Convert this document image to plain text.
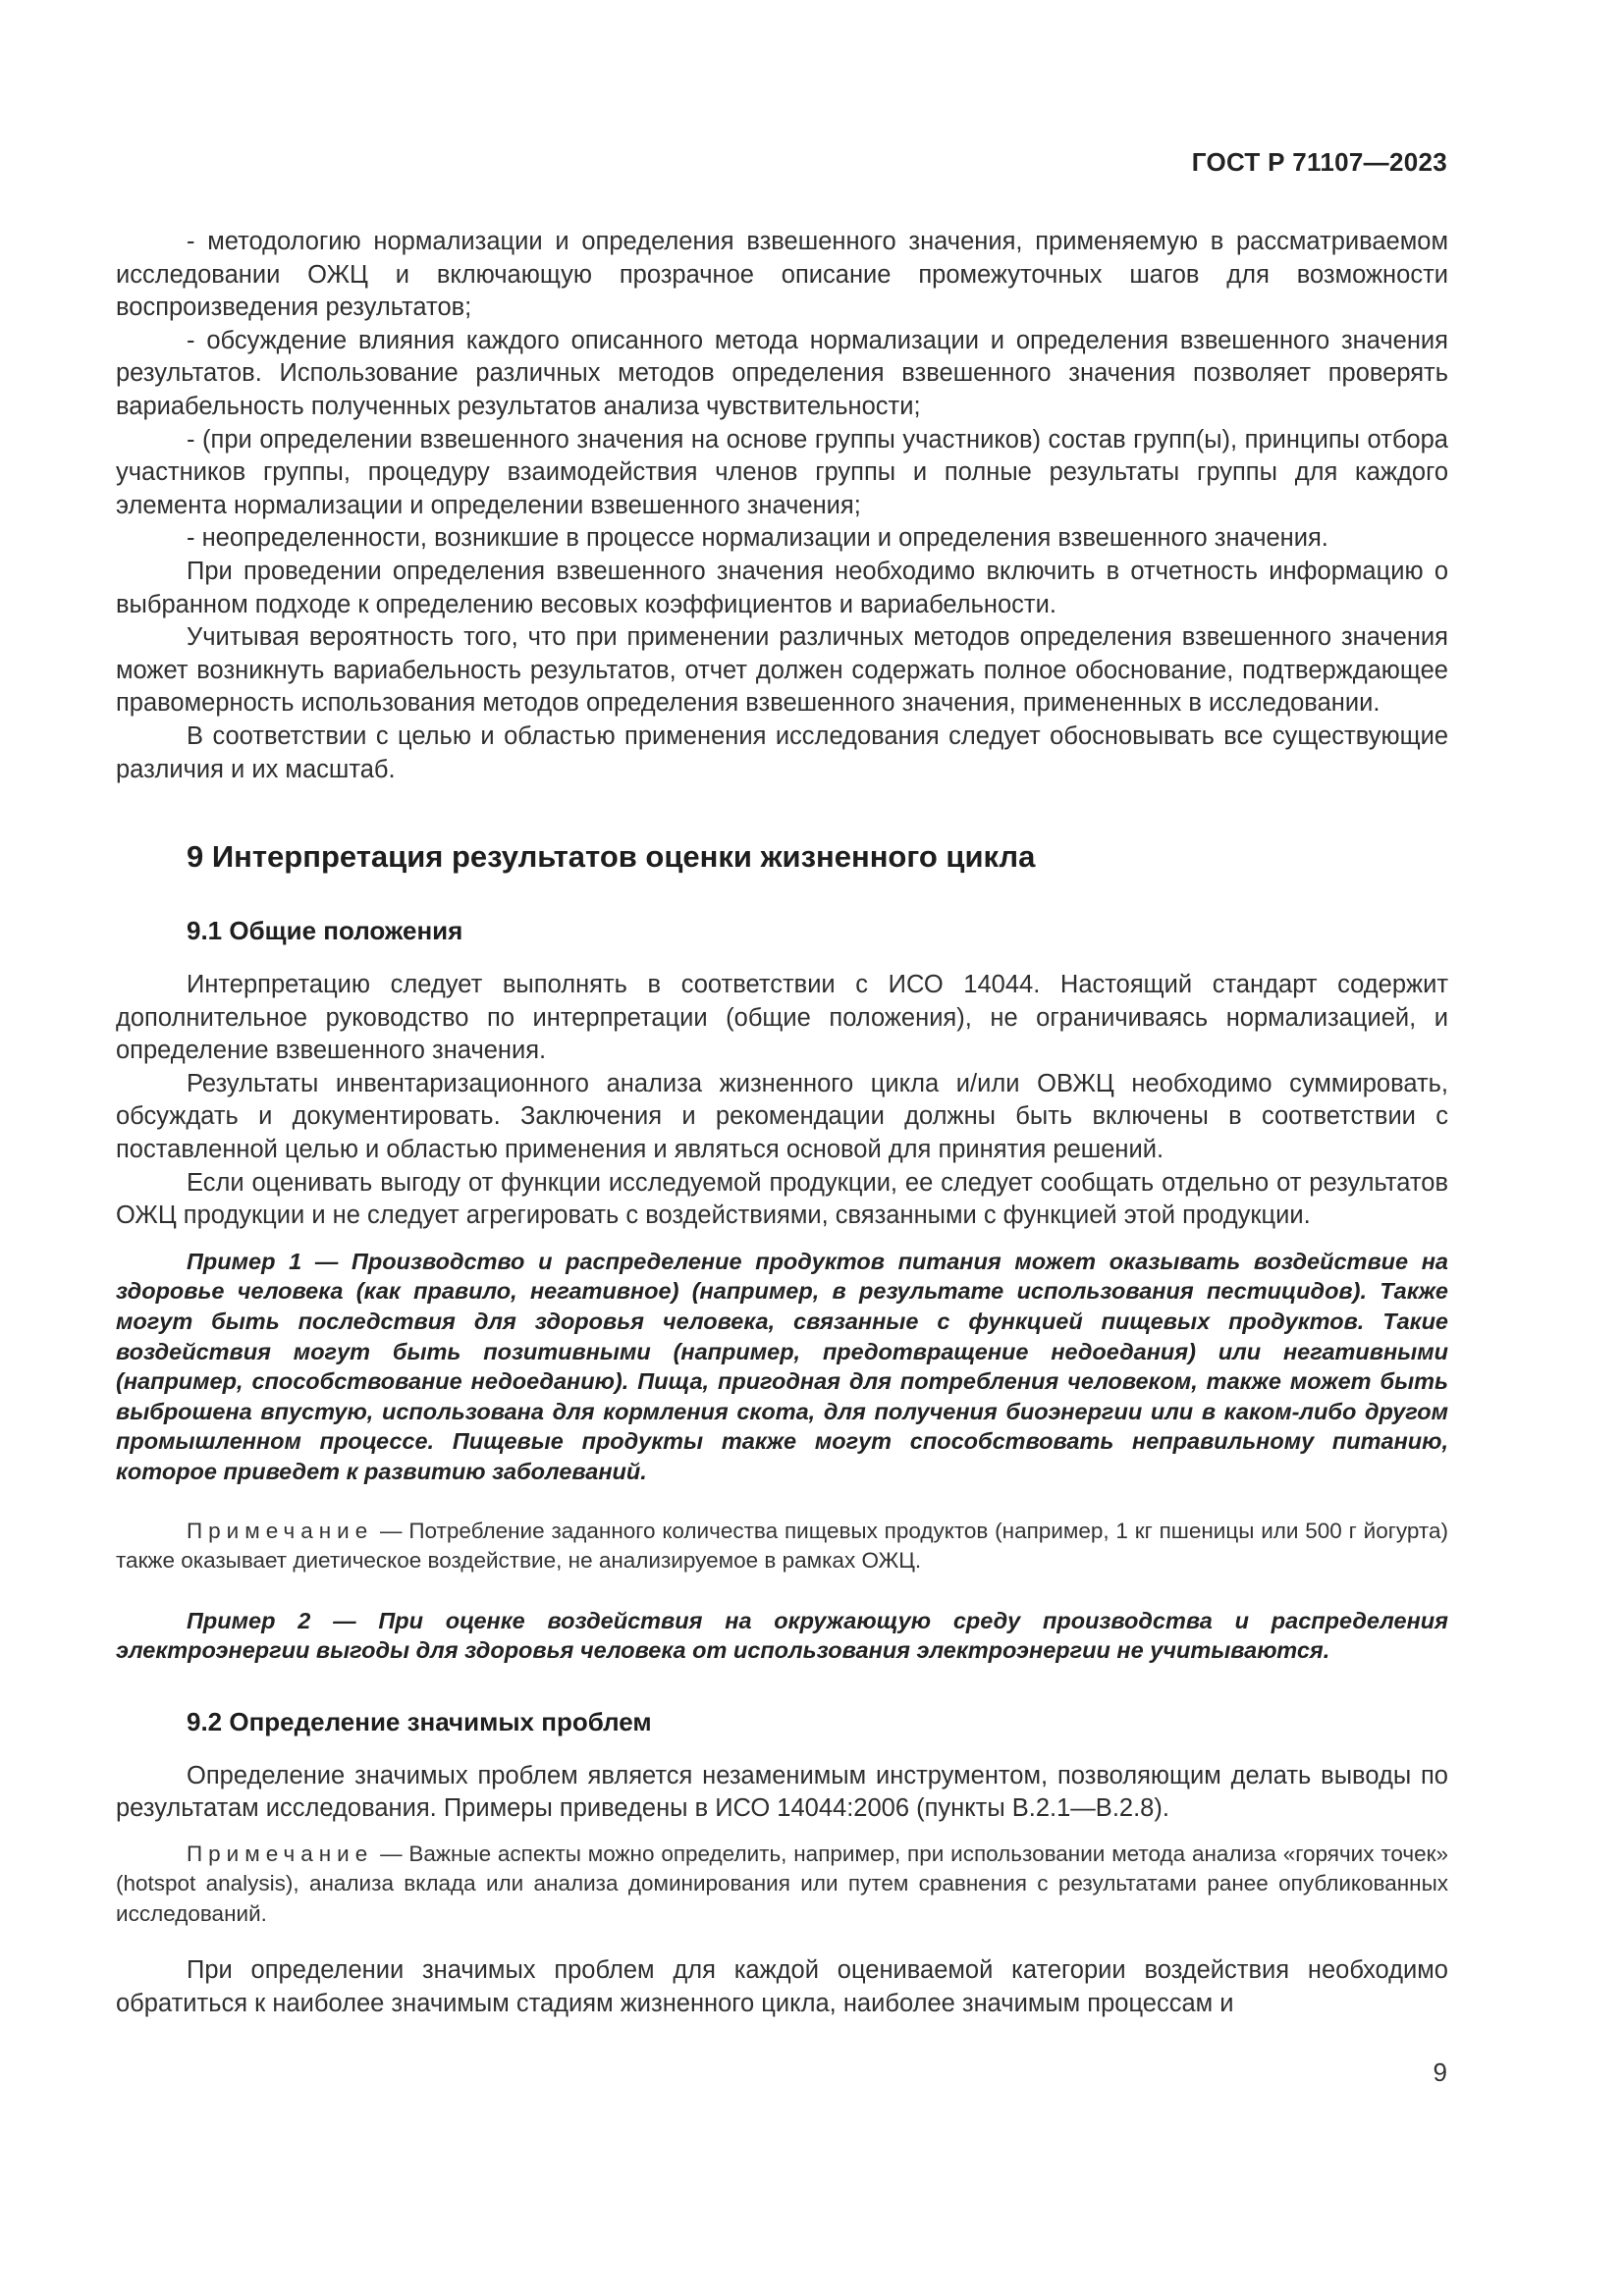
ГОСТ Р 71107—2023

- методологию нормализации и определения взвешенного значения, применяемую в рассматриваемом исследовании ОЖЦ и включающую прозрачное описание промежуточных шагов для возможности воспроизведения результатов;

- обсуждение влияния каждого описанного метода нормализации и определения взвешенного значения результатов. Использование различных методов определения взвешенного значения позволяет проверять вариабельность полученных результатов анализа чувствительности;

- (при определении взвешенного значения на основе группы участников) состав групп(ы), принципы отбора участников группы, процедуру взаимодействия членов группы и полные результаты группы для каждого элемента нормализации и определении взвешенного значения;

- неопределенности, возникшие в процессе нормализации и определения взвешенного значения.

При проведении определения взвешенного значения необходимо включить в отчетность информацию о выбранном подходе к определению весовых коэффициентов и вариабельности.

Учитывая вероятность того, что при применении различных методов определения взвешенного значения может возникнуть вариабельность результатов, отчет должен содержать полное обоснование, подтверждающее правомерность использования методов определения взвешенного значения, примененных в исследовании.

В соответствии с целью и областью применения исследования следует обосновывать все существующие различия и их масштаб.

9 Интерпретация результатов оценки жизненного цикла
9.1 Общие положения

Интерпретацию следует выполнять в соответствии с ИСО 14044. Настоящий стандарт содержит дополнительное руководство по интерпретации (общие положения), не ограничиваясь нормализацией, и определение взвешенного значения.

Результаты инвентаризационного анализа жизненного цикла и/или ОВЖЦ необходимо суммировать, обсуждать и документировать. Заключения и рекомендации должны быть включены в соответствии с поставленной целью и областью применения и являться основой для принятия решений.

Если оценивать выгоду от функции исследуемой продукции, ее следует сообщать отдельно от результатов ОЖЦ продукции и не следует агрегировать с воздействиями, связанными с функцией этой продукции.

Пример 1 — Производство и распределение продуктов питания может оказывать воздействие на здоровье человека (как правило, негативное) (например, в результате использования пестицидов). Также могут быть последствия для здоровья человека, связанные с функцией пищевых продуктов. Такие воздействия могут быть позитивными (например, предотвращение недоедания) или негативными (например, способствование недоеданию). Пища, пригодная для потребления человеком, также может быть выброшена впустую, использована для кормления скота, для получения биоэнергии или в каком-либо другом промышленном процессе. Пищевые продукты также могут способствовать неправильному питанию, которое приведет к развитию заболеваний.

Примечание — Потребление заданного количества пищевых продуктов (например, 1 кг пшеницы или 500 г йогурта) также оказывает диетическое воздействие, не анализируемое в рамках ОЖЦ.

Пример 2 — При оценке воздействия на окружающую среду производства и распределения электроэнергии выгоды для здоровья человека от использования электроэнергии не учитываются.

9.2 Определение значимых проблем

Определение значимых проблем является незаменимым инструментом, позволяющим делать выводы по результатам исследования. Примеры приведены в ИСО 14044:2006 (пункты В.2.1—В.2.8).

Примечание — Важные аспекты можно определить, например, при использовании метода анализа «горячих точек» (hotspot analysis), анализа вклада или анализа доминирования или путем сравнения с результатами ранее опубликованных исследований.

При определении значимых проблем для каждой оцениваемой категории воздействия необходимо обратиться к наиболее значимым стадиям жизненного цикла, наиболее значимым процессам и

9
